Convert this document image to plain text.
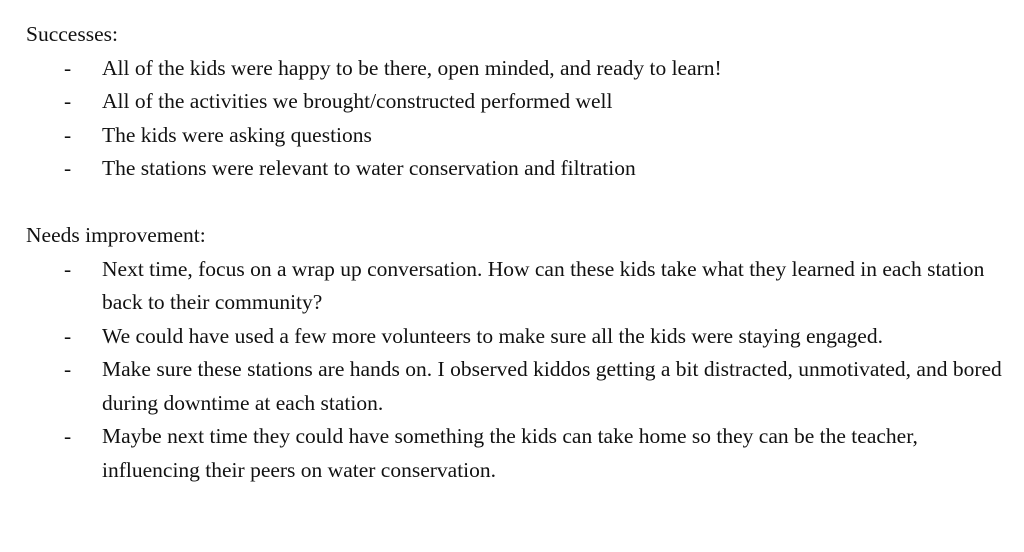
Successes:

- All of the kids were happy to be there, open minded, and ready to learn!
- All of the activities we brought/constructed performed well
- The kids were asking questions
- The stations were relevant to water conservation and filtration

Needs improvement:

- Next time, focus on a wrap up conversation. How can these kids take what they learned in each station back to their community?
- We could have used a few more volunteers to make sure all the kids were staying engaged.
- Make sure these stations are hands on. I observed kiddos getting a bit distracted, unmotivated, and bored during downtime at each station.
- Maybe next time they could have something the kids can take home so they can be the teacher, influencing their peers on water conservation.
